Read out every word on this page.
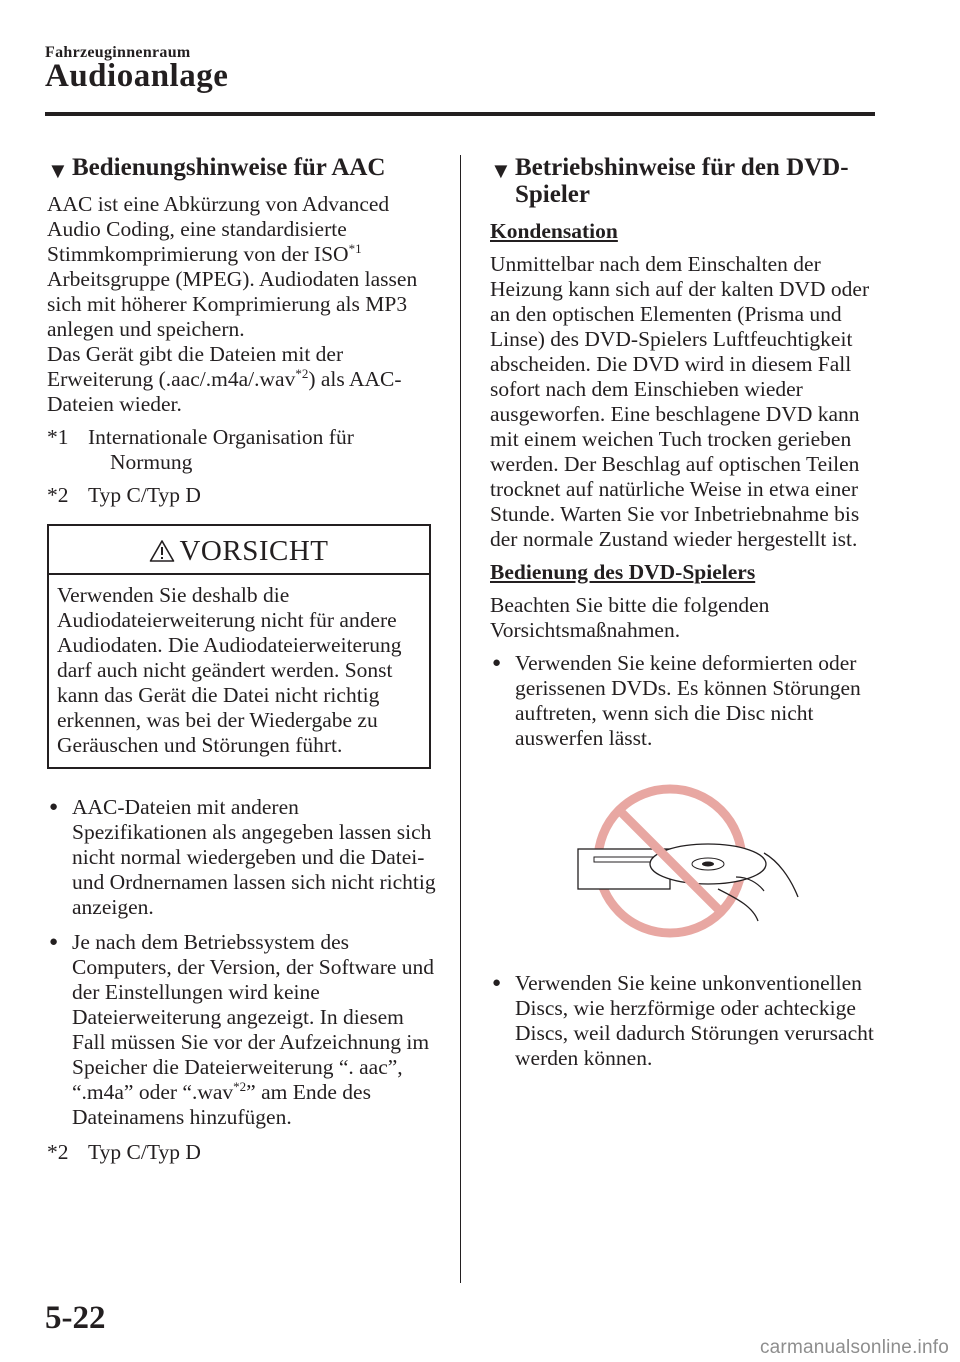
Fahrzeuginnenraum
Audioanlage
▼ Bedienungshinweise für AAC
AAC ist eine Abkürzung von Advanced Audio Coding, eine standardisierte Stimmkomprimierung von der ISO$^{*1}$ Arbeitsgruppe (MPEG). Audiodaten lassen sich mit höherer Komprimierung als MP3 anlegen und speichern.
Das Gerät gibt die Dateien mit der Erweiterung (.aac/.m4a/.wav$^{*2}$) als AAC-Dateien wieder.
*1 Internationale Organisation für Normung
*2 Typ C/Typ D
VORSICHT
Verwenden Sie deshalb die Audiodateierweiterung nicht für andere Audiodaten. Die Audiodateierweiterung darf auch nicht geändert werden. Sonst kann das Gerät die Datei nicht richtig erkennen, was bei der Wiedergabe zu Geräuschen und Störungen führt.
● AAC-Dateien mit anderen Spezifikationen als angegeben lassen sich nicht normal wiedergeben und die Datei- und Ordnernamen lassen sich nicht richtig anzeigen.
● Je nach dem Betriebssystem des Computers, der Version, der Software und der Einstellungen wird keine Dateierweiterung angezeigt. In diesem Fall müssen Sie vor der Aufzeichnung im Speicher die Dateierweiterung “. aac”, “.m4a” oder “.wav$^{*2}$” am Ende des Dateinamens hinzufügen.
*2 Typ C/Typ D
▼ Betriebshinweise für den DVD-Spieler
Kondensation
Unmittelbar nach dem Einschalten der Heizung kann sich auf der kalten DVD oder an den optischen Elementen (Prisma und Linse) des DVD-Spielers Luftfeuchtigkeit abscheiden. Die DVD wird in diesem Fall sofort nach dem Einschieben wieder ausgeworfen. Eine beschlagene DVD kann mit einem weichen Tuch trocken gerieben werden. Der Beschlag auf optischen Teilen trocknet auf natürliche Weise in etwa einer Stunde. Warten Sie vor Inbetriebnahme bis der normale Zustand wieder hergestellt ist.
Bedienung des DVD-Spielers
Beachten Sie bitte die folgenden Vorsichtsmaßnahmen.
● Verwenden Sie keine deformierten oder gerissenen DVDs. Es können Störungen auftreten, wenn sich die Disc nicht auswerfen lässt.
● Verwenden Sie keine unkonventionellen Discs, wie herzförmige oder achteckige Discs, weil dadurch Störungen verursacht werden können.
5-22
carmanualsonline.info
